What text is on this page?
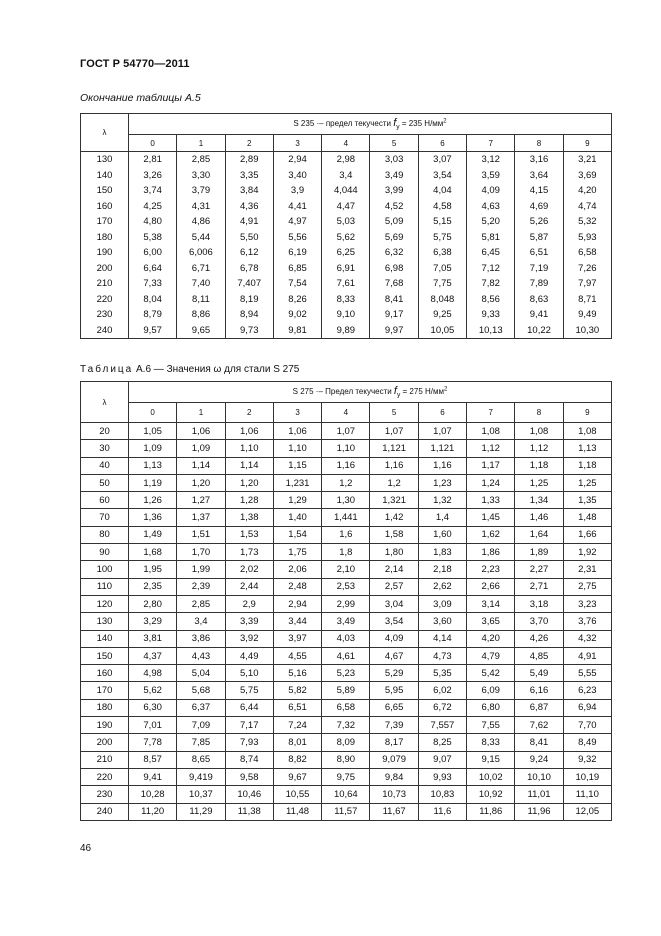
ГОСТ Р 54770—2011
Окончание таблицы А.5
λ	S 235 ·– предел текучести $f_y = 235$ $Н/мм^2$
	0	1	2	3	4	5	6	7	8	9
130	2,81	2,85	2,89	2,94	2,98	3,03	3,07	3,12	3,16	3,21
140	3,26	3,30	3,35	3,40	3,4	3,49	3,54	3,59	3,64	3,69
150	3,74	3,79	3,84	3,9	4,044	3,99	4,04	4,09	4,15	4,20
160	4,25	4,31	4,36	4,41	4,47	4,52	4,58	4,63	4,69	4,74
170	4,80	4,86	4,91	4,97	5,03	5,09	5,15	5,20	5,26	5,32
180	5,38	5,44	5,50	5,56	5,62	5,69	5,75	5,81	5,87	5,93
190	6,00	6,006	6,12	6,19	6,25	6,32	6,38	6,45	6,51	6,58
200	6,64	6,71	6,78	6,85	6,91	6,98	7,05	7,12	7,19	7,26
210	7,33	7,40	7,407	7,54	7,61	7,68	7,75	7,82	7,89	7,97
220	8,04	8,11	8,19	8,26	8,33	8,41	8,048	8,56	8,63	8,71
230	8,79	8,86	8,94	9,02	9,10	9,17	9,25	9,33	9,41	9,49
240	9,57	9,65	9,73	9,81	9,89	9,97	10,05	10,13	10,22	10,30
Таблица А.6 — Значения ω для стали S 275
λ	S 275 ·– Предел текучести $f_y = 275$ $Н/мм^2$
	0	1	2	3	4	5	6	7	8	9
20	1,05	1,06	1,06	1,06	1,07	1,07	1,07	1,08	1,08	1,08
30	1,09	1,09	1,10	1,10	1,10	1,121	1,121	1,12	1,12	1,13
40	1,13	1,14	1,14	1,15	1,16	1,16	1,16	1,17	1,18	1,18
50	1,19	1,20	1,20	1,231	1,2	1,2	1,23	1,24	1,25	1,25
60	1,26	1,27	1,28	1,29	1,30	1,321	1,32	1,33	1,34	1,35
70	1,36	1,37	1,38	1,40	1,441	1,42	1,4	1,45	1,46	1,48
80	1,49	1,51	1,53	1,54	1,6	1,58	1,60	1,62	1,64	1,66
90	1,68	1,70	1,73	1,75	1,8	1,80	1,83	1,86	1,89	1,92
100	1,95	1,99	2,02	2,06	2,10	2,14	2,18	2,23	2,27	2,31
110	2,35	2,39	2,44	2,48	2,53	2,57	2,62	2,66	2,71	2,75
120	2,80	2,85	2,9	2,94	2,99	3,04	3,09	3,14	3,18	3,23
130	3,29	3,4	3,39	3,44	3,49	3,54	3,60	3,65	3,70	3,76
140	3,81	3,86	3,92	3,97	4,03	4,09	4,14	4,20	4,26	4,32
150	4,37	4,43	4,49	4,55	4,61	4,67	4,73	4,79	4,85	4,91
160	4,98	5,04	5,10	5,16	5,23	5,29	5,35	5,42	5,49	5,55
170	5,62	5,68	5,75	5,82	5,89	5,95	6,02	6,09	6,16	6,23
180	6,30	6,37	6,44	6,51	6,58	6,65	6,72	6,80	6,87	6,94
190	7,01	7,09	7,17	7,24	7,32	7,39	7,557	7,55	7,62	7,70
200	7,78	7,85	7,93	8,01	8,09	8,17	8,25	8,33	8,41	8,49
210	8,57	8,65	8,74	8,82	8,90	9,079	9,07	9,15	9,24	9,32
220	9,41	9,419	9,58	9,67	9,75	9,84	9,93	10,02	10,10	10,19
230	10,28	10,37	10,46	10,55	10,64	10,73	10,83	10,92	11,01	11,10
240	11,20	11,29	11,38	11,48	11,57	11,67	11,6	11,86	11,96	12,05
46
